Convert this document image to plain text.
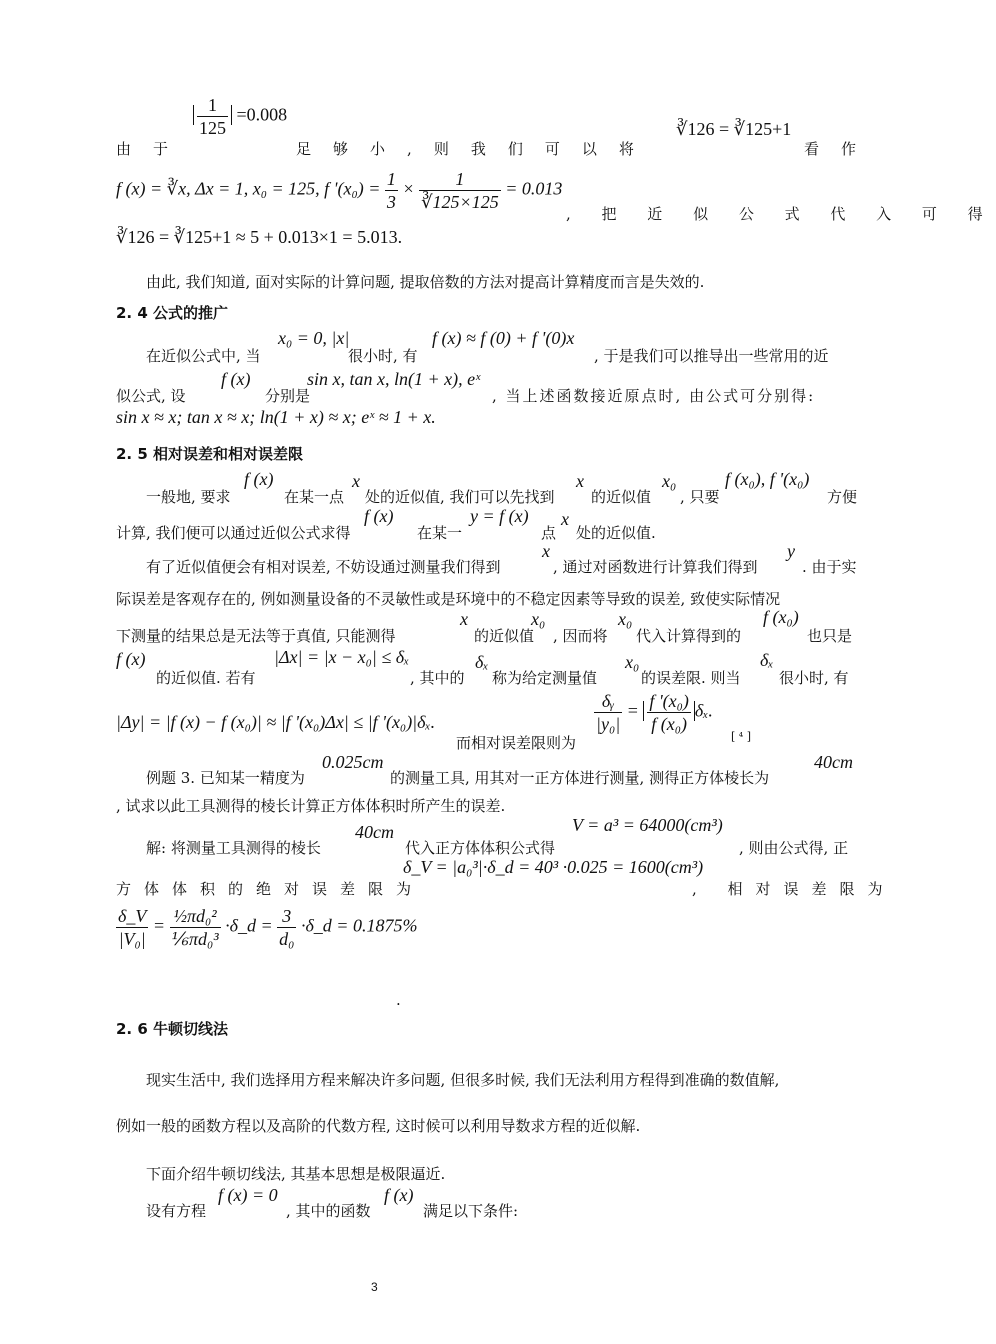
$\frac{1}{125} =0.008$
由于	足够小,则我们可以将
∛126 = ∛125+1
看作
f (x) = ∛x, Δx = 1, x₀ = 125, f '$(x_0) = \frac{1}{3} \times \frac{1}{∛125\times 125} = 0.013$
, 把 近 似 公 式 代 入 可 得
∛126 = ∛125+1 ≈ 5 + 0.013×1 = 5.013.
由此, 我们知道, 面对实际的计算问题, 提取倍数的方法对提高计算精度而言是失效的.
2. 4 公式的推广
x₀ = 0, |x|	f (x) ≈ f (0) + f '(0)x
在近似公式中, 当	很小时, 有	, 于是我们可以推导出一些常用的近
f (x)	sin x, tan x, ln(1 + x), eˣ
似公式, 设	分别是	, 当上述函数接近原点时, 由公式可分别得:
sin x ≈ x; tan x ≈ x; ln(1 + x) ≈ x; eˣ ≈ 1 + x.
2. 5 相对误差和相对误差限
f (x)	x	x	x₀	f (x₀), f '(x₀)
一般地, 要求	在某一点 处的近似值, 我们可以先找到 的近似值 , 只要	方便
f (x)	y = f (x) x
计算, 我们便可以通过近似公式求得	在某一	点 处的近似值.
x	y
有了近似值便会有相对误差, 不妨设通过测量我们得到	, 通过对函数进行计算我们得到	. 由于实
际误差是客观存在的, 例如测量设备的不灵敏性或是环境中的不稳定因素等导致的误差, 致使实际情况
x	x₀	x₀	f (x₀)
下测量的结果总是无法等于真值, 只能测得	的近似值 , 因而将 代入计算得到的	也只是
f (x)	|Δx| = |x − x₀| ≤ δₓ	δₓ	x₀	δₓ
的近似值. 若有	, 其中的 称为给定测量值	的误差限. 则当	很小时, 有
|Δy| = |f (x) − f (x₀)| ≈ |f '(x₀)Δx| ≤ |f '(x₀)|δₓ.
而相对误差限则为
$\frac{\text{δᵧ}}{\text{|y₀|}} = \frac{\text{f '(x₀)}}{\text{f (x₀)}} \delta_x$.
[ ⁴ ]
0.025cm	40cm
例题 3. 已知某一精度为	的测量工具, 用其对一正方体进行测量, 测得正方体棱长为
, 试求以此工具测得的棱长计算正方体体积时所产生的误差.
40cm	V = a³ = 64000(cm³)
解: 将测量工具测得的棱长	代入正方体体积公式得	, 则由公式得, 正
δ_V = |a₀³|·δ_d = 40³ ·0.025 = 1600(cm³)
方体体积的绝对误差限为	, 相对误差限为
$\frac{\delta\_V}{\text{|V₀|}} = \frac{\text{½πd₀²}}{\text{⅙πd₀³}}$ ·δ_d = $\frac{3}{\text{d₀}}$ ·δ_d = 0.1875%
.
2. 6 牛顿切线法
现实生活中, 我们选择用方程来解决许多问题, 但很多时候, 我们无法利用方程得到准确的数值解,
例如一般的函数方程以及高阶的代数方程, 这时候可以利用导数求方程的近似解.
下面介绍牛顿切线法, 其基本思想是极限逼近.
f (x) = 0	f (x)
设有方程	, 其中的函数	满足以下条件:
3
